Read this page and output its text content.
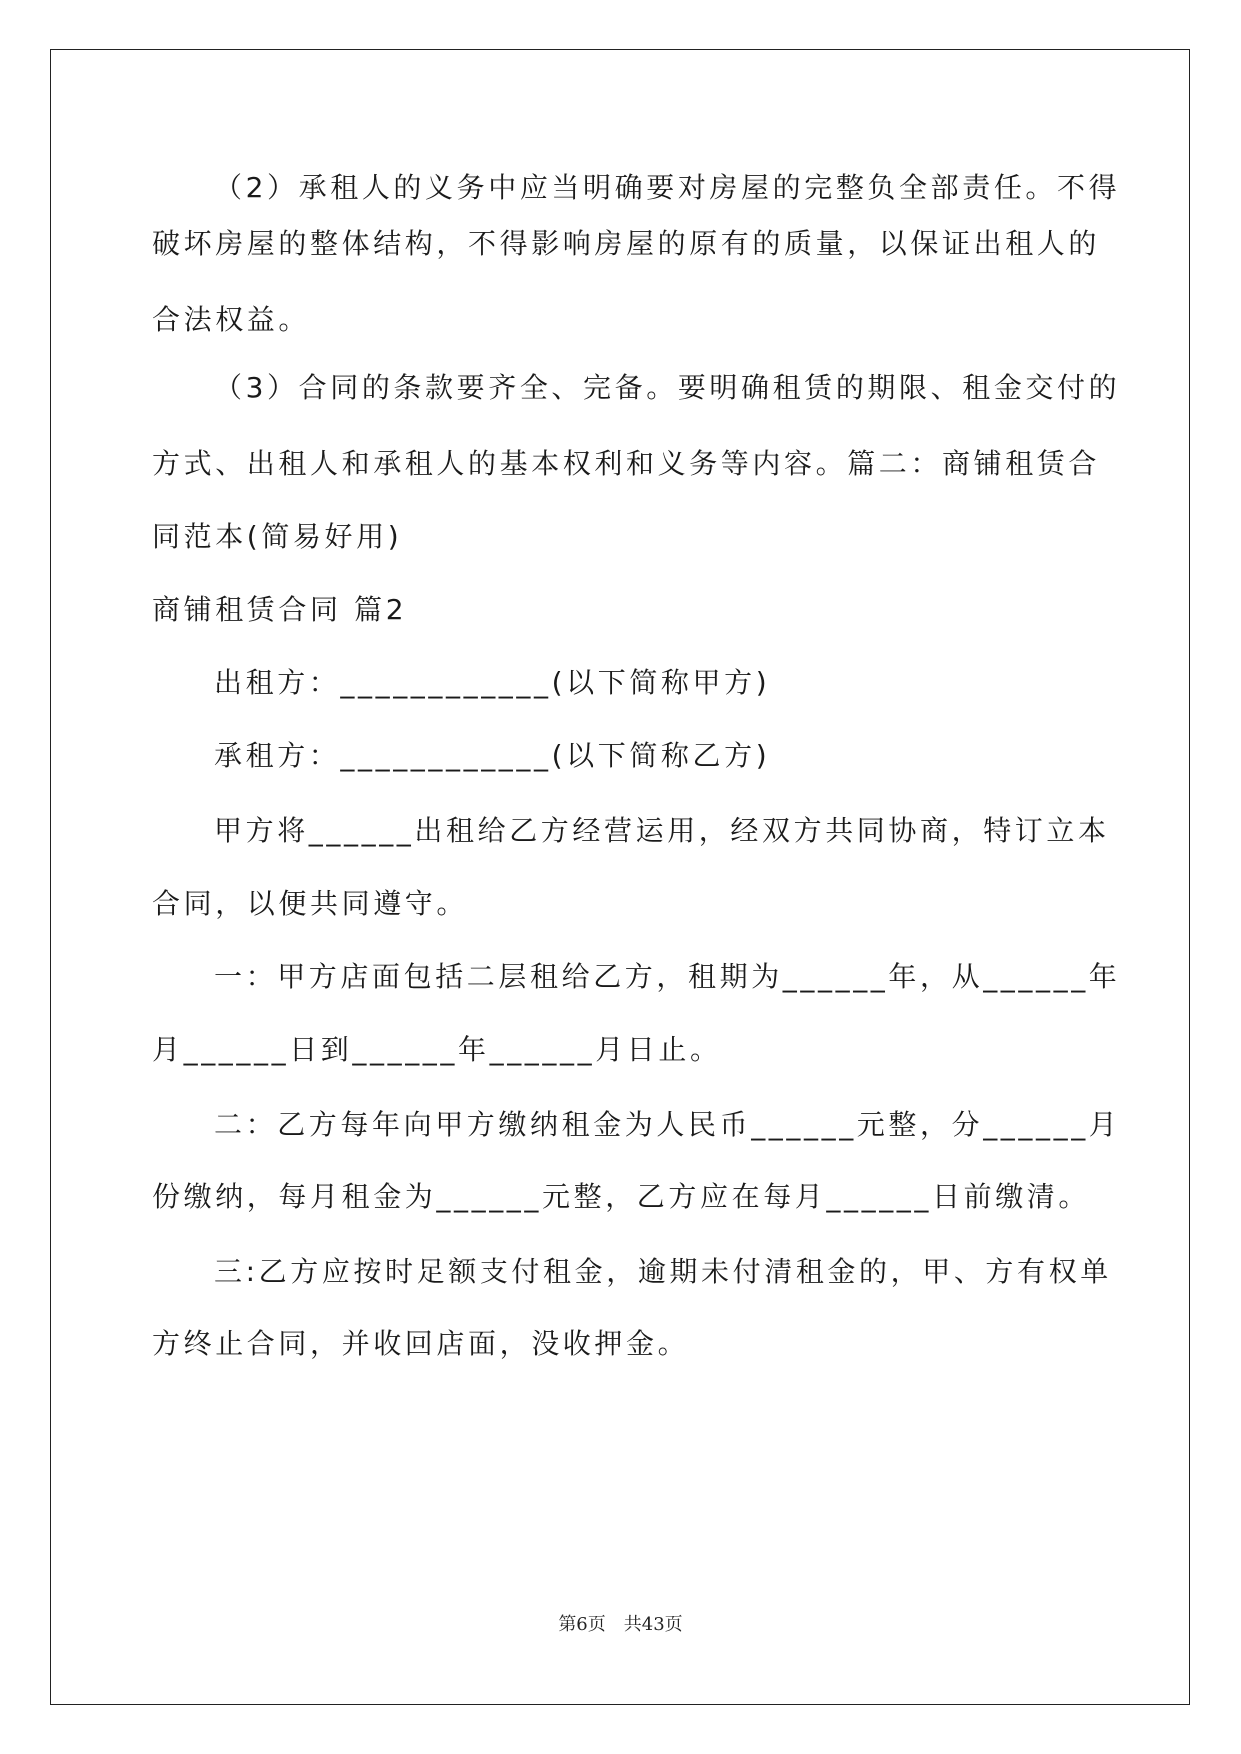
（2）承租人的义务中应当明确要对房屋的完整负全部责任。不得
破坏房屋的整体结构，不得影响房屋的原有的质量，以保证出租人的
合法权益。
（3）合同的条款要齐全、完备。要明确租赁的期限、租金交付的
方式、出租人和承租人的基本权利和义务等内容。篇二：商铺租赁合
同范本(简易好用)
商铺租赁合同 篇2
出租方：____________(以下简称甲方)
承租方：____________(以下简称乙方)
甲方将______出租给乙方经营运用，经双方共同协商，特订立本
合同，以便共同遵守。
一：甲方店面包括二层租给乙方，租期为______年，从______年
月______日到______年______月日止。
二：乙方每年向甲方缴纳租金为人民币______元整，分______月
份缴纳，每月租金为______元整，乙方应在每月______日前缴清。
三:乙方应按时足额支付租金，逾期未付清租金的，甲、方有权单
方终止合同，并收回店面，没收押金。
第6页　共43页
